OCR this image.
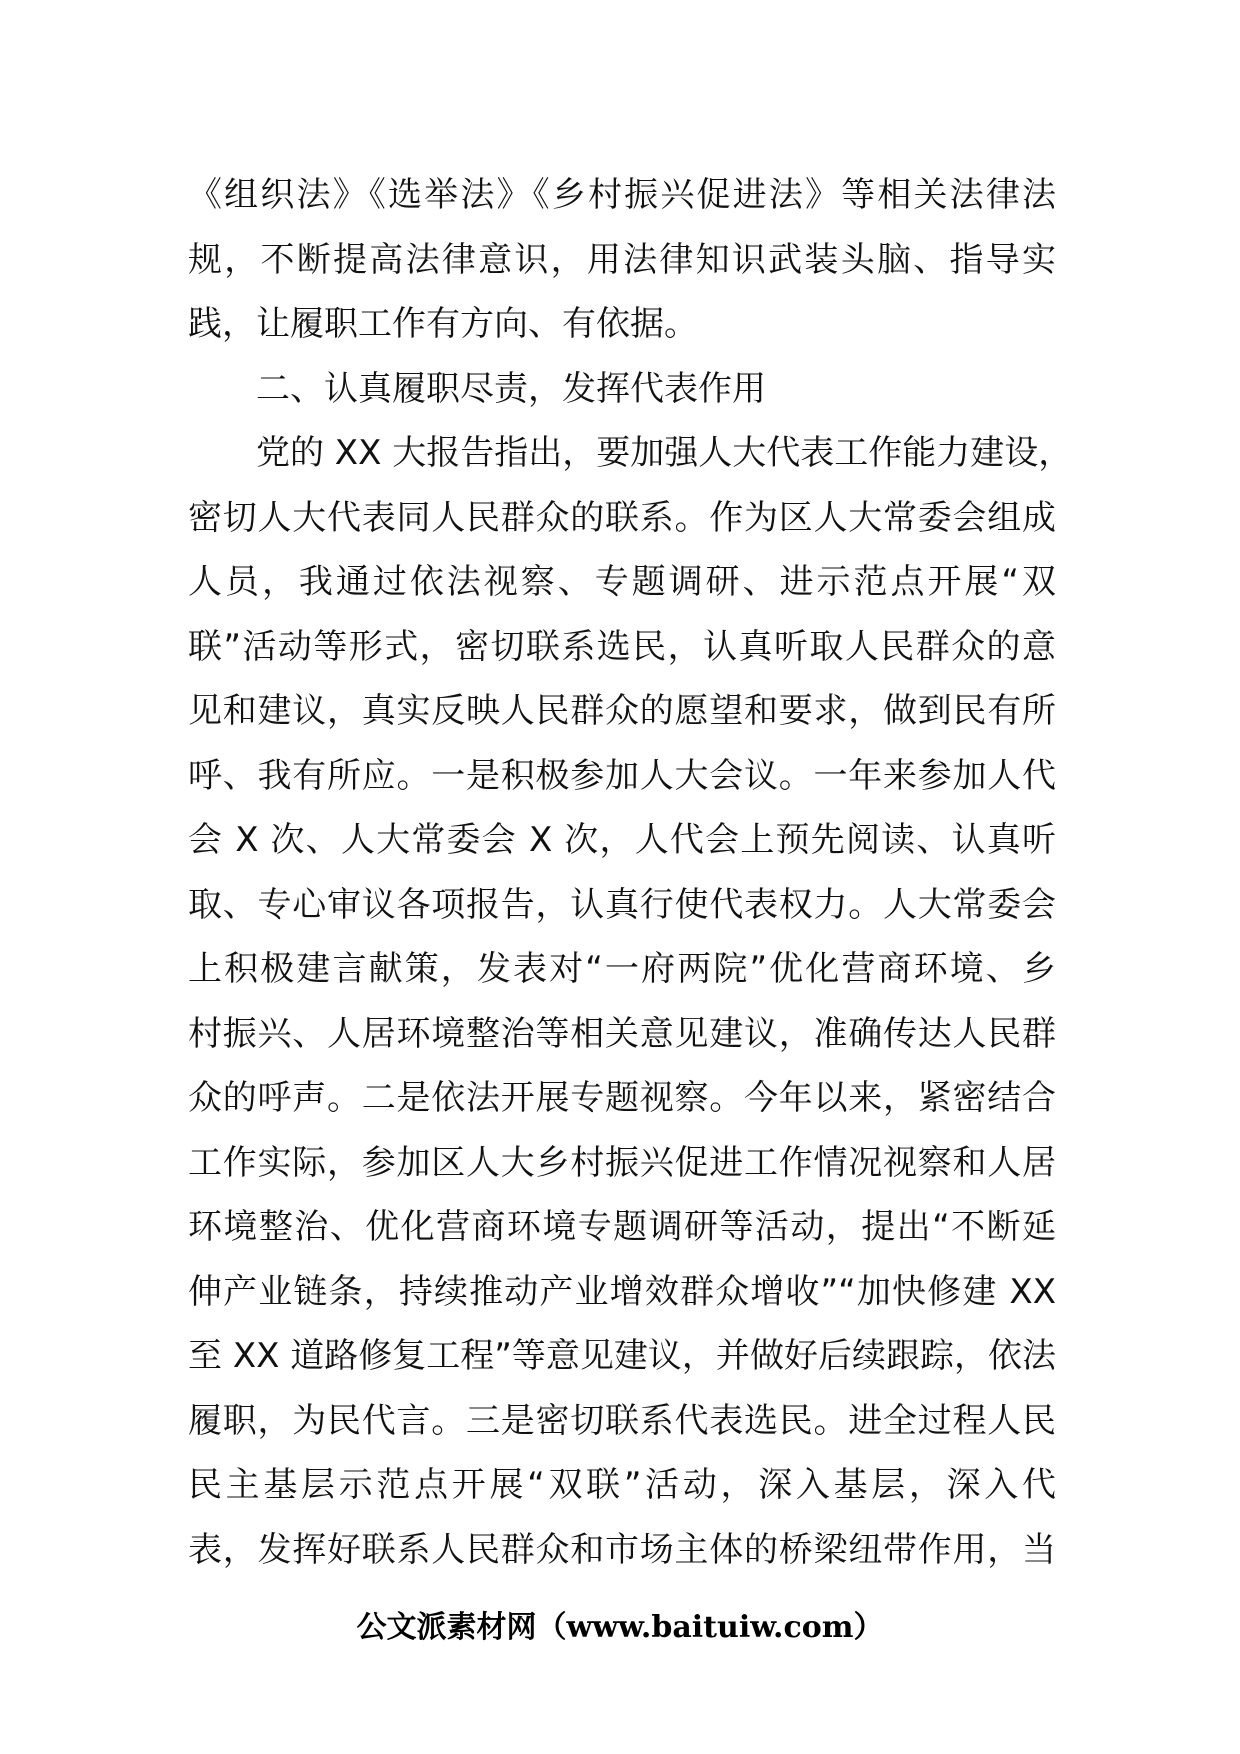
《组织法》《选举法》《乡村振兴促进法》等相关法律法
规，不断提高法律意识，用法律知识武装头脑、指导实
践，让履职工作有方向、有依据。
二、认真履职尽责，发挥代表作用
党的 XX 大报告指出，要加强人大代表工作能力建设，
密切人大代表同人民群众的联系。作为区人大常委会组成
人员，我通过依法视察、专题调研、进示范点开展“双
联”活动等形式，密切联系选民，认真听取人民群众的意
见和建议，真实反映人民群众的愿望和要求，做到民有所
呼、我有所应。一是积极参加人大会议。一年来参加人代
会 X 次、人大常委会 X 次，人代会上预先阅读、认真听
取、专心审议各项报告，认真行使代表权力。人大常委会
上积极建言献策，发表对“一府两院”优化营商环境、乡
村振兴、人居环境整治等相关意见建议，准确传达人民群
众的呼声。二是依法开展专题视察。今年以来，紧密结合
工作实际，参加区人大乡村振兴促进工作情况视察和人居
环境整治、优化营商环境专题调研等活动，提出“不断延
伸产业链条，持续推动产业增效群众增收”“加快修建 XX
至 XX 道路修复工程”等意见建议，并做好后续跟踪，依法
履职，为民代言。三是密切联系代表选民。进全过程人民
民主基层示范点开展“双联”活动，深入基层，深入代
表，发挥好联系人民群众和市场主体的桥梁纽带作用，当
公文派素材网（www.baituiw.com）
